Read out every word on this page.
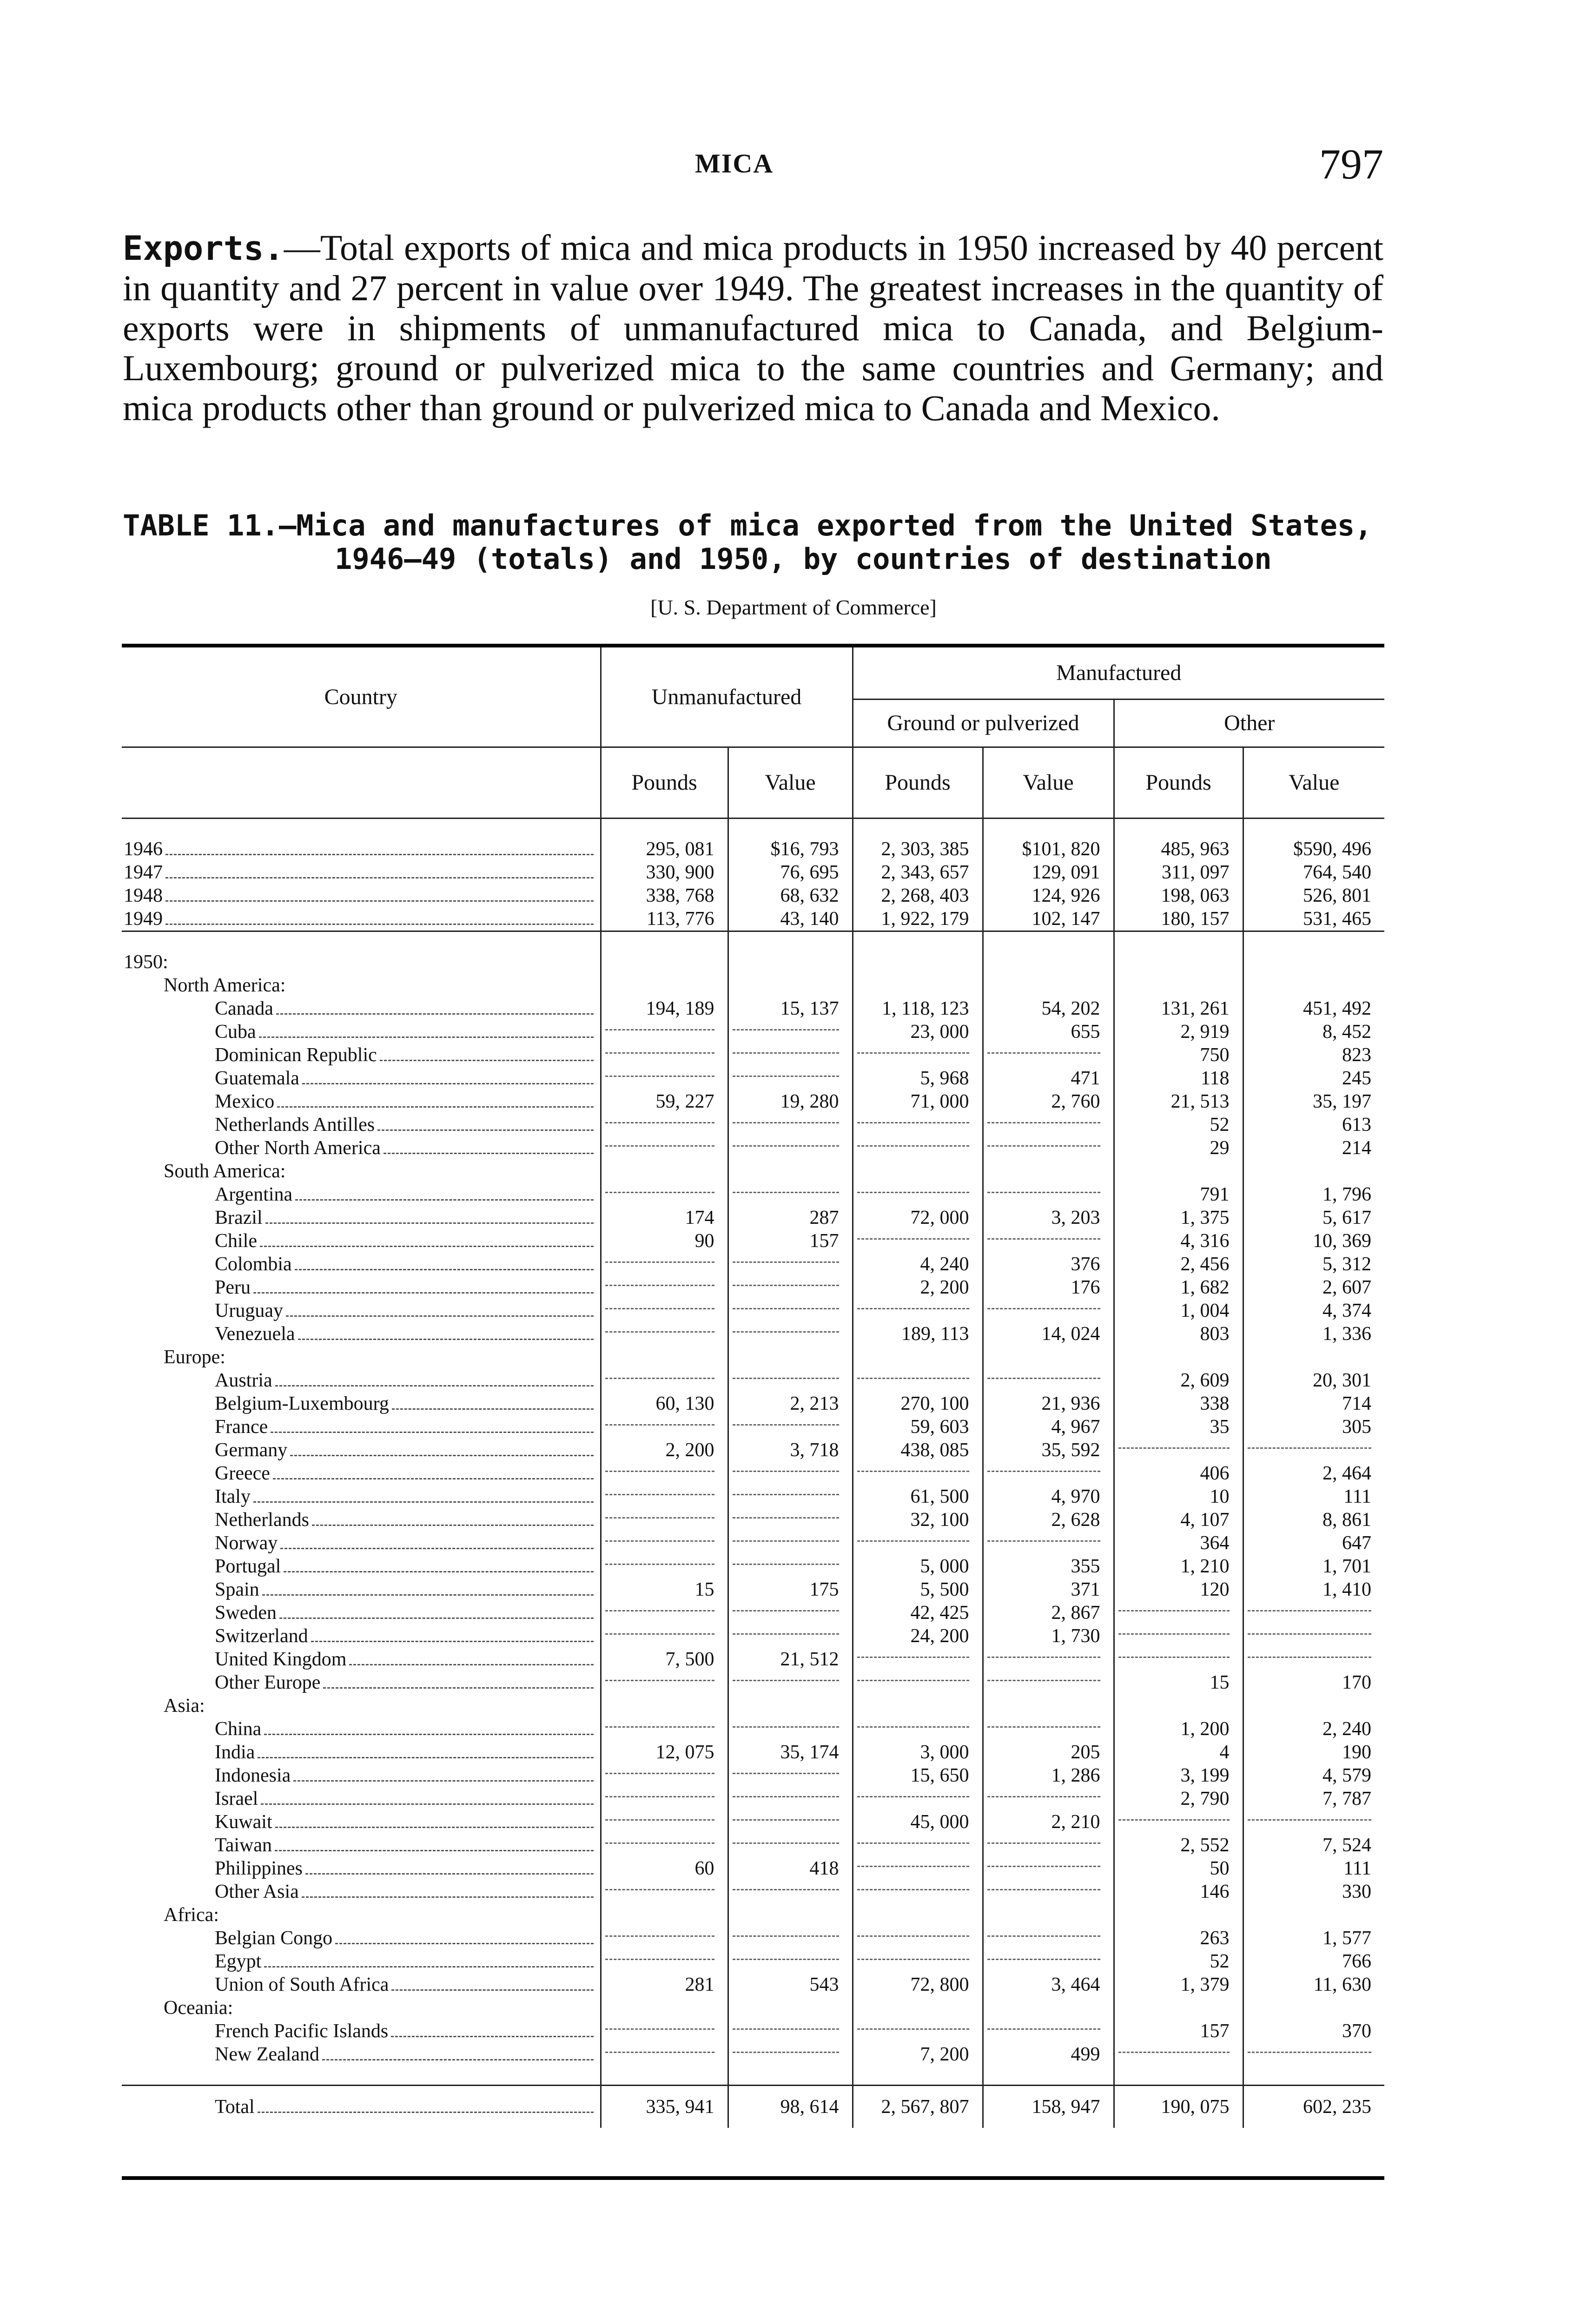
MICA	797
Exports.—Total exports of mica and mica products in 1950 increased by 40 percent in quantity and 27 percent in value over 1949. The greatest increases in the quantity of exports were in shipments of unmanufactured mica to Canada, and Belgium-Luxembourg; ground or pulverized mica to the same countries and Germany; and mica products other than ground or pulverized mica to Canada and Mexico.
TABLE 11.—Mica and manufactures of mica exported from the United States,
1946–49 (totals) and 1950, by countries of destination
[U. S. Department of Commerce]
Country	Unmanufactured		Manufactured			
			Ground or pulverized		Other	
	Pounds	Value	Pounds	Value	Pounds	Value

1946	295, 081	$16, 793	2, 303, 385	$101, 820	485, 963	$590, 496

1947	330, 900	76, 695	2, 343, 657	129, 091	311, 097	764, 540

1948	338, 768	68, 632	2, 268, 403	124, 926	198, 063	526, 801

1949	113, 776	43, 140	1, 922, 179	102, 147	180, 157	531, 465

1950:						
North America:						

Canada	194, 189	15, 137	1, 118, 123	54, 202	131, 261	451, 492

Cuba			23, 000	655	2, 919	8, 452

Dominican Republic					750	823

Guatemala			5, 968	471	118	245

Mexico	59, 227	19, 280	71, 000	2, 760	21, 513	35, 197

Netherlands Antilles					52	613

Other North America					29	214
South America:						

Argentina					791	1, 796

Brazil	174	287	72, 000	3, 203	1, 375	5, 617

Chile	90	157			4, 316	10, 369

Colombia			4, 240	376	2, 456	5, 312

Peru			2, 200	176	1, 682	2, 607

Uruguay					1, 004	4, 374

Venezuela			189, 113	14, 024	803	1, 336
Europe:						

Austria					2, 609	20, 301

Belgium-Luxembourg	60, 130	2, 213	270, 100	21, 936	338	714

France			59, 603	4, 967	35	305

Germany	2, 200	3, 718	438, 085	35, 592		

Greece					406	2, 464

Italy			61, 500	4, 970	10	111

Netherlands			32, 100	2, 628	4, 107	8, 861

Norway					364	647

Portugal			5, 000	355	1, 210	1, 701

Spain	15	175	5, 500	371	120	1, 410

Sweden			42, 425	2, 867		

Switzerland			24, 200	1, 730		

United Kingdom	7, 500	21, 512				

Other Europe					15	170
Asia:						

China					1, 200	2, 240

India	12, 075	35, 174	3, 000	205	4	190

Indonesia			15, 650	1, 286	3, 199	4, 579

Israel					2, 790	7, 787

Kuwait			45, 000	2, 210		

Taiwan					2, 552	7, 524

Philippines	60	418			50	111

Other Asia					146	330
Africa:						

Belgian Congo					263	1, 577

Egypt					52	766

Union of South Africa	281	543	72, 800	3, 464	1, 379	11, 630
Oceania:						

French Pacific Islands					157	370

New Zealand			7, 200	499		

Total	335, 941	98, 614	2, 567, 807	158, 947	190, 075	602, 235
